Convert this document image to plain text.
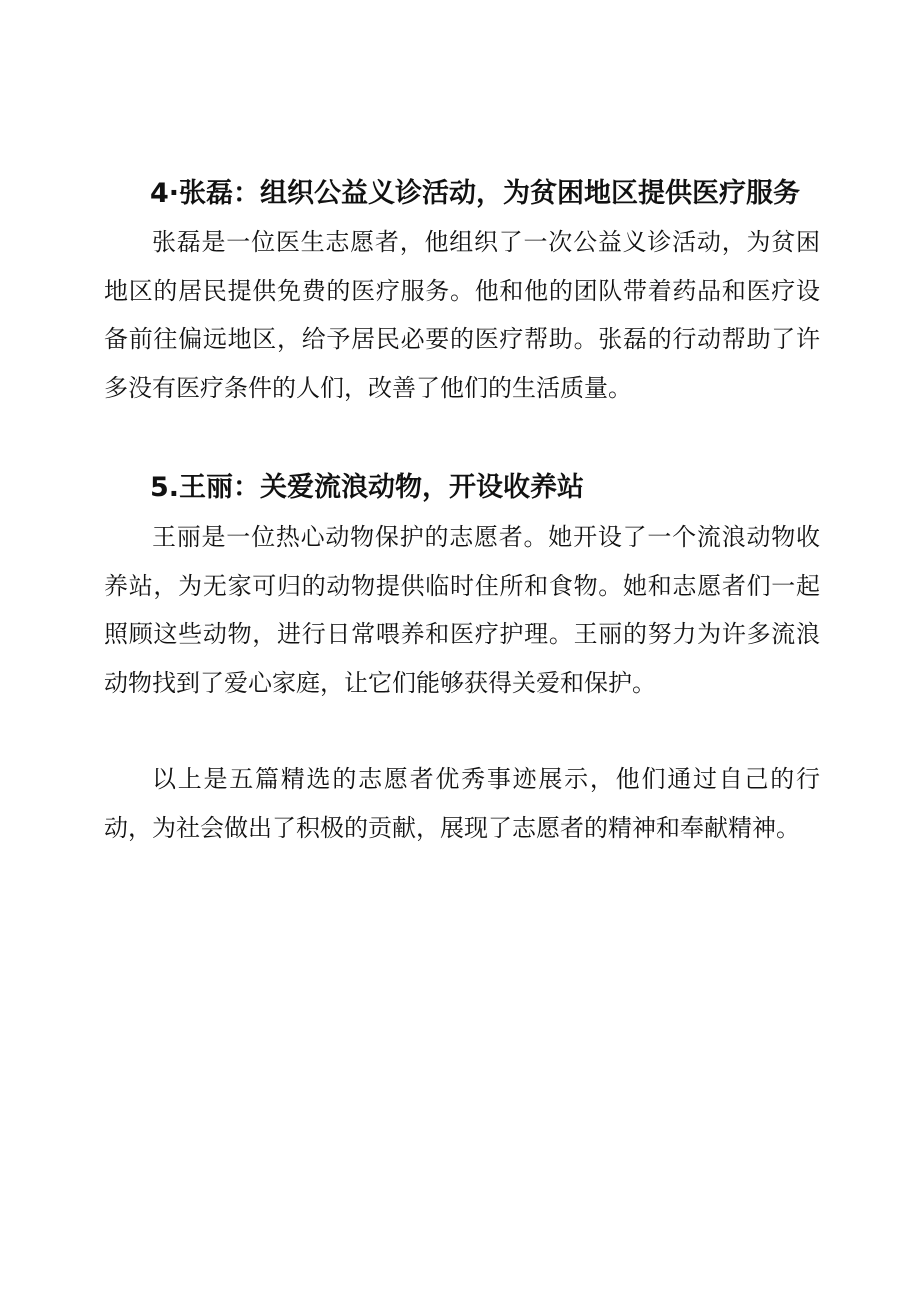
4·张磊：组织公益义诊活动，为贫困地区提供医疗服务

张磊是一位医生志愿者，他组织了一次公益义诊活动，为贫困地区的居民提供免费的医疗服务。他和他的团队带着药品和医疗设备前往偏远地区，给予居民必要的医疗帮助。张磊的行动帮助了许多没有医疗条件的人们，改善了他们的生活质量。

5.王丽：关爱流浪动物，开设收养站

王丽是一位热心动物保护的志愿者。她开设了一个流浪动物收养站，为无家可归的动物提供临时住所和食物。她和志愿者们一起照顾这些动物，进行日常喂养和医疗护理。王丽的努力为许多流浪动物找到了爱心家庭，让它们能够获得关爱和保护。

以上是五篇精选的志愿者优秀事迹展示，他们通过自己的行动，为社会做出了积极的贡献，展现了志愿者的精神和奉献精神。
